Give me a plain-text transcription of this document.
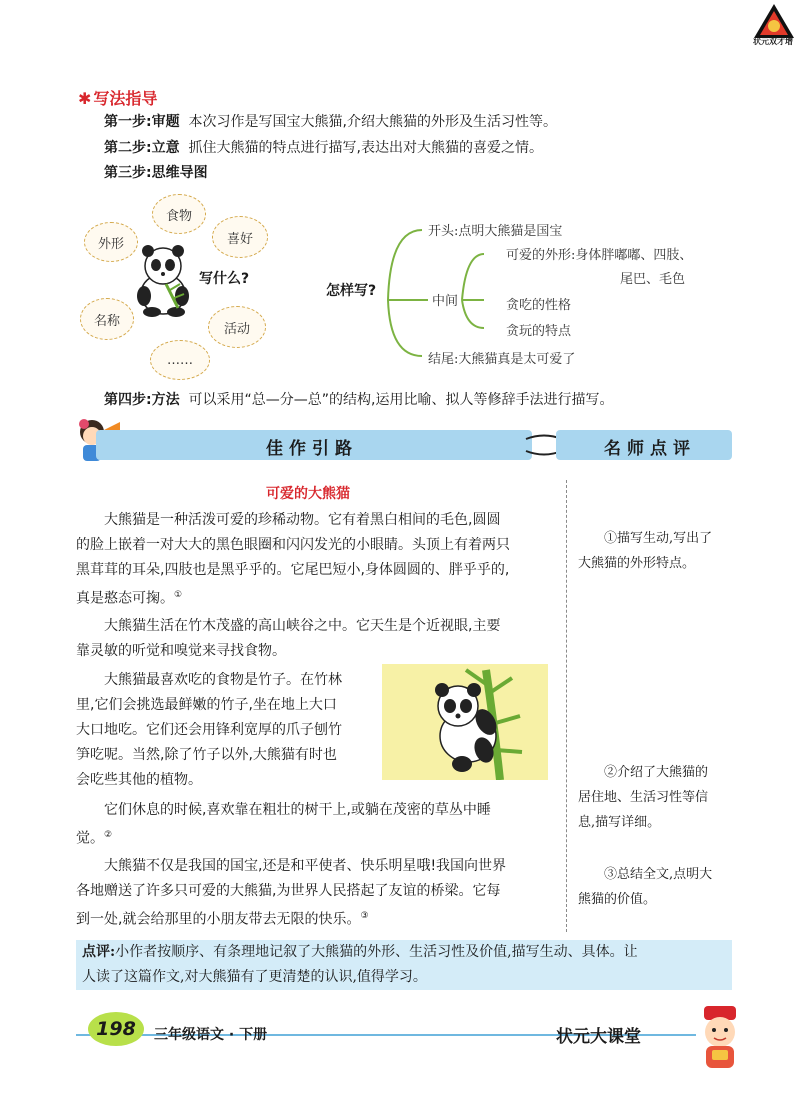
状元双才增
✱ 写法指导
第一步:审题 本次习作是写国宝大熊猫,介绍大熊猫的外形及生活习性等。
第二步:立意 抓住大熊猫的特点进行描写,表达出对大熊猫的喜爱之情。
第三步:思维导图
食物
外形	喜好
名称
活动
……
写什么?
怎样写?
开头:点明大熊猫是国宝
中间
可爱的外形:身体胖嘟嘟、四肢、
尾巴、毛色
贪吃的性格
贪玩的特点
结尾:大熊猫真是太可爱了
第四步:方法 可以采用“总—分—总”的结构,运用比喻、拟人等修辞手法进行描写。
佳作引路	名师点评
可爱的大熊猫
大熊猫是一种活泼可爱的珍稀动物。它有着黑白相间的毛色,圆圆
的脸上嵌着一对大大的黑色眼圈和闪闪发光的小眼睛。头顶上有着两只
黑茸茸的耳朵,四肢也是黑乎乎的。它尾巴短小,身体圆圆的、胖乎乎的,
真是憨态可掬。①
大熊猫生活在竹木茂盛的高山峡谷之中。它天生是个近视眼,主要
靠灵敏的听觉和嗅觉来寻找食物。
大熊猫最喜欢吃的食物是竹子。在竹林
里,它们会挑选最鲜嫩的竹子,坐在地上大口
大口地吃。它们还会用锋利宽厚的爪子刨竹
笋吃呢。当然,除了竹子以外,大熊猫有时也
会吃些其他的植物。
它们休息的时候,喜欢靠在粗壮的树干上,或躺在茂密的草丛中睡
觉。②
大熊猫不仅是我国的国宝,还是和平使者、快乐明星哦!我国向世界
各地赠送了许多只可爱的大熊猫,为世界人民搭起了友谊的桥梁。它每
到一处,就会给那里的小朋友带去无限的快乐。③
①描写生动,写出了
大熊猫的外形特点。
②介绍了大熊猫的
居住地、生活习性等信
息,描写详细。
③总结全文,点明大
熊猫的价值。
点评:小作者按顺序、有条理地记叙了大熊猫的外形、生活习性及价值,描写生动、具体。让
人读了这篇作文,对大熊猫有了更清楚的认识,值得学习。
198	三年级语文 · 下册	状元大课堂
